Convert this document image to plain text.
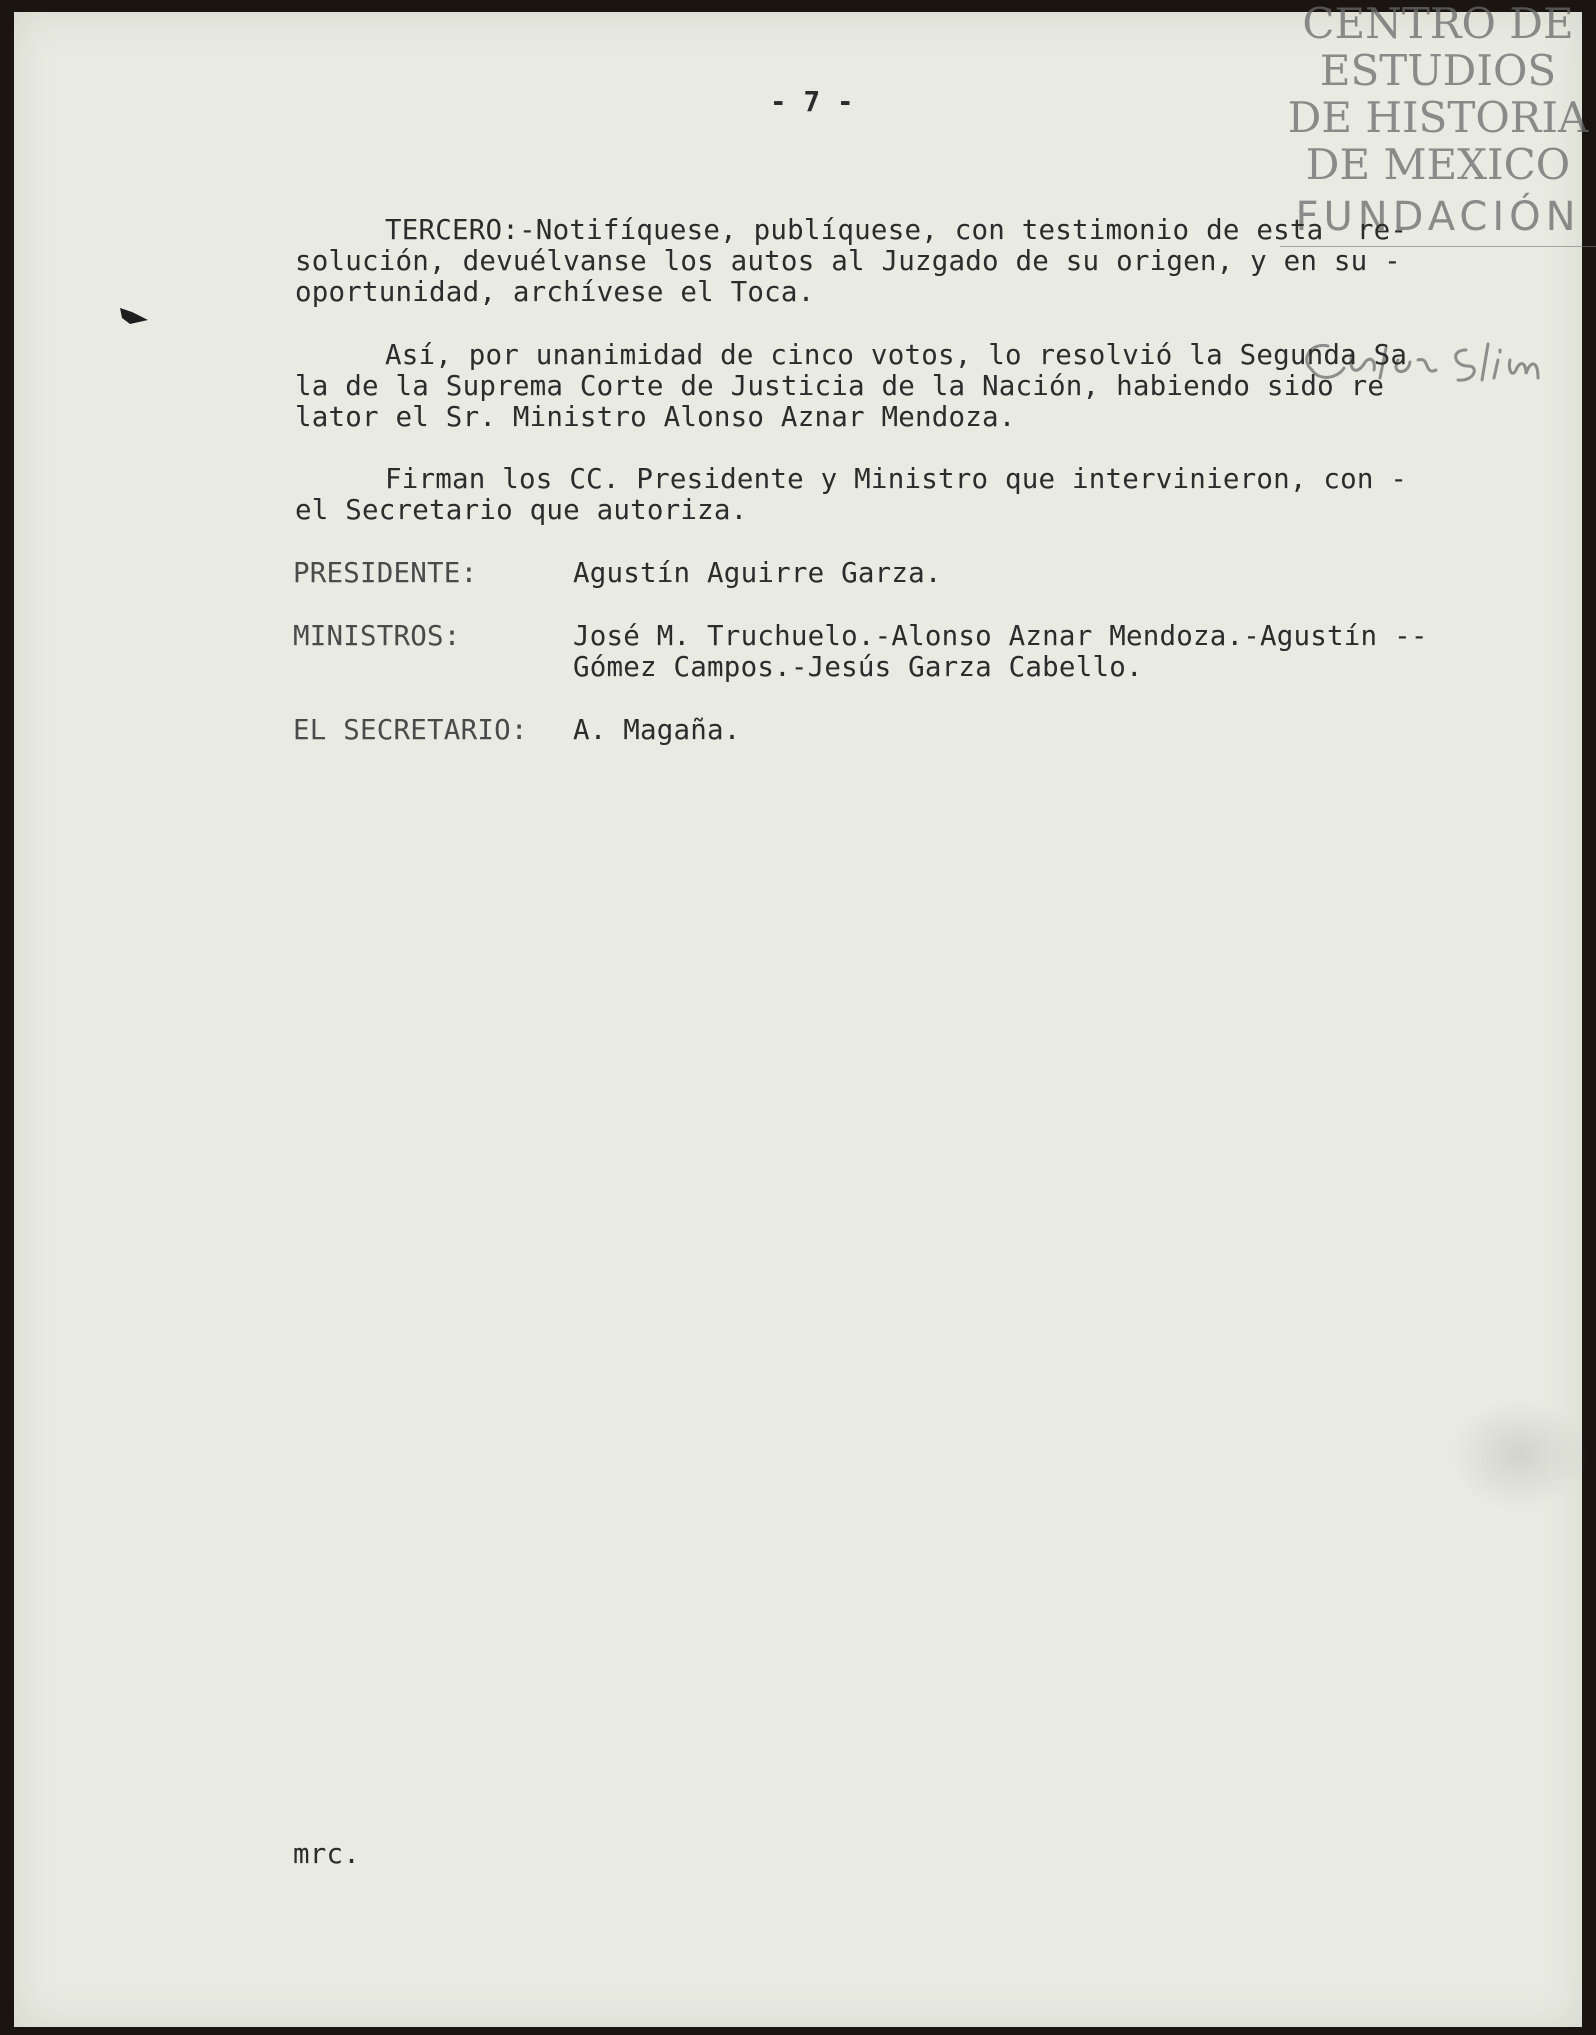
CENTRO DE
ESTUDIOS
DE HISTORIA
DE MEXICO
FUNDACIÓN
- 7 -
TERCERO:-Notifíquese, publíquese, con testimonio de esta  re-
solución, devuélvanse los autos al Juzgado de su origen, y en su -
oportunidad, archívese el Toca.
Así, por unanimidad de cinco votos, lo resolvió la Segunda Sa
la de la Suprema Corte de Justicia de la Nación, habiendo sido re
lator el Sr. Ministro Alonso Aznar Mendoza.
Firman los CC. Presidente y Ministro que intervinieron, con -
el Secretario que autoriza.
PRESIDENTE:	Agustín Aguirre Garza.
MINISTROS:	José M. Truchuelo.-Alonso Aznar Mendoza.-Agustín --
Gómez Campos.-Jesús Garza Cabello.
EL SECRETARIO: A. Magaña.
mrc.
